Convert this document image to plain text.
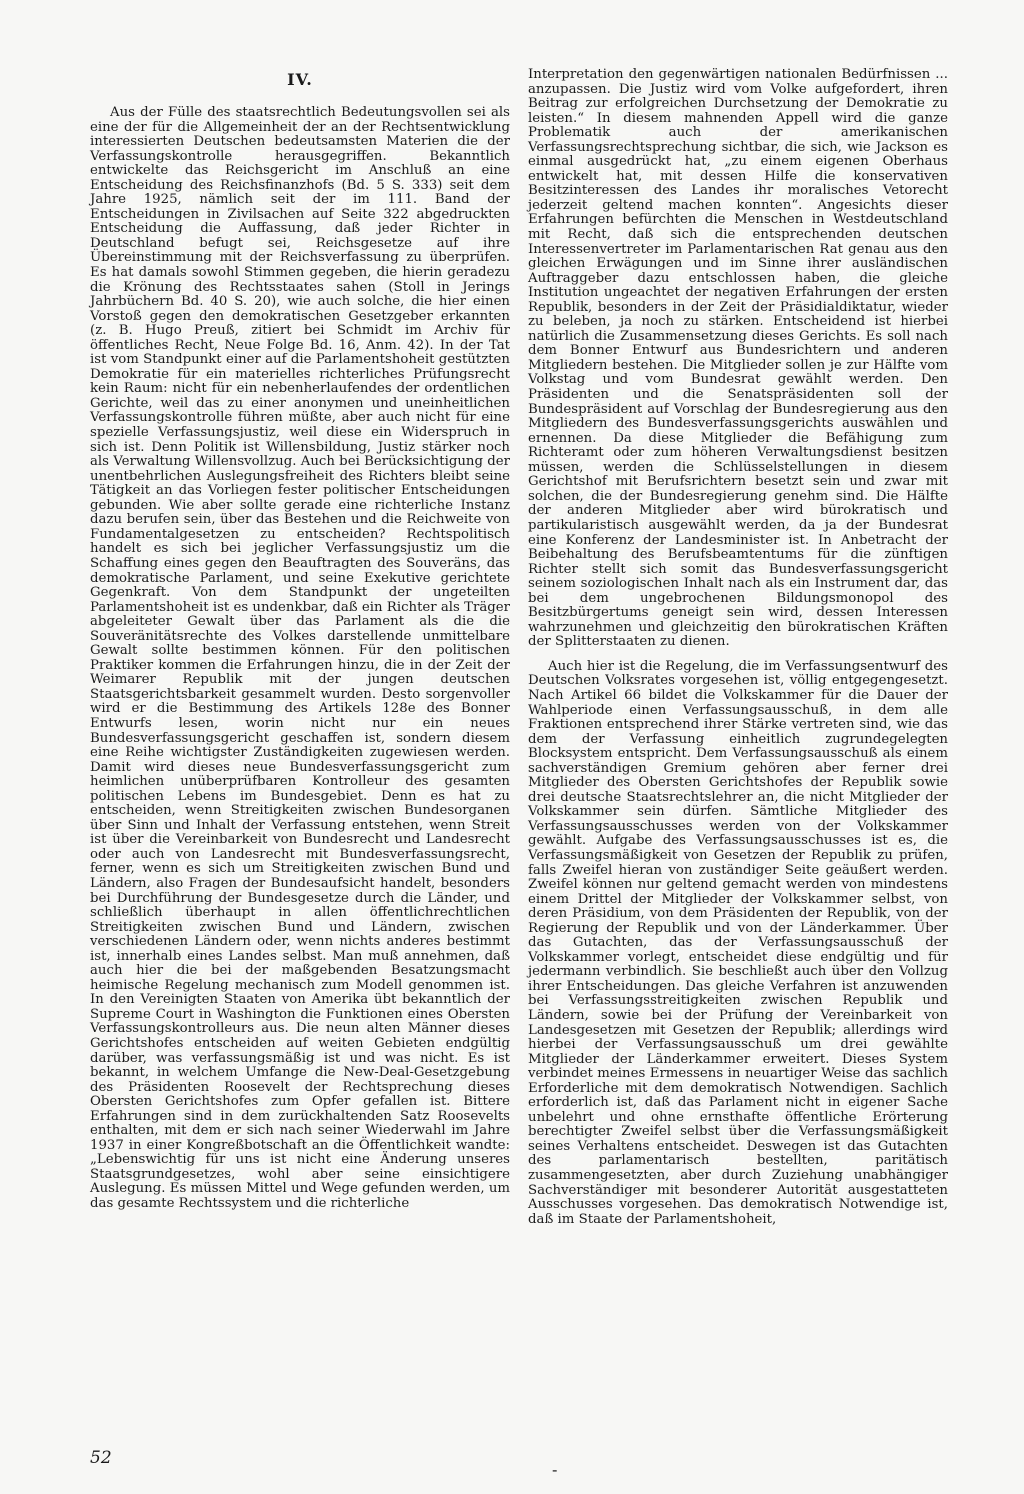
IV.

Aus der Fülle des staatsrechtlich Bedeutungsvollen sei als eine der für die Allgemeinheit der an der Rechtsentwicklung interessierten Deutschen bedeutsamsten Materien die der Verfassungskontrolle herausgegriffen. Bekanntlich entwickelte das Reichsgericht im Anschluß an eine Entscheidung des Reichsfinanzhofs (Bd. 5 S. 333) seit dem Jahre 1925, nämlich seit der im 111. Band der Entscheidungen in Zivilsachen auf Seite 322 abgedruckten Entscheidung die Auffassung, daß jeder Richter in Deutschland befugt sei, Reichsgesetze auf ihre Übereinstimmung mit der Reichsverfassung zu überprüfen. Es hat damals sowohl Stimmen gegeben, die hierin geradezu die Krönung des Rechtsstaates sahen (Stoll in Jerings Jahrbüchern Bd. 40 S. 20), wie auch solche, die hier einen Vorstoß gegen den demokratischen Gesetzgeber erkannten (z. B. Hugo Preuß, zitiert bei Schmidt im Archiv für öffentliches Recht, Neue Folge Bd. 16, Anm. 42). In der Tat ist vom Standpunkt einer auf die Parlamentshoheit gestützten Demokratie für ein materielles richterliches Prüfungsrecht kein Raum: nicht für ein nebenherlaufendes der ordentlichen Gerichte, weil das zu einer anonymen und uneinheitlichen Verfassungskontrolle führen müßte, aber auch nicht für eine spezielle Verfassungsjustiz, weil diese ein Widerspruch in sich ist. Denn Politik ist Willensbildung, Justiz stärker noch als Verwaltung Willensvollzug. Auch bei Berücksichtigung der unentbehrlichen Auslegungsfreiheit des Richters bleibt seine Tätigkeit an das Vorliegen fester politischer Entscheidungen gebunden. Wie aber sollte gerade eine richterliche Instanz dazu berufen sein, über das Bestehen und die Reichweite von Fundamentalgesetzen zu entscheiden? Rechtspolitisch handelt es sich bei jeglicher Verfassungsjustiz um die Schaffung eines gegen den Beauftragten des Souveräns, das demokratische Parlament, und seine Exekutive gerichtete Gegenkraft. Von dem Standpunkt der ungeteilten Parlamentshoheit ist es undenkbar, daß ein Richter als Träger abgeleiteter Gewalt über das Parlament als die die Souveränitätsrechte des Volkes darstellende unmittelbare Gewalt sollte bestimmen können. Für den politischen Praktiker kommen die Erfahrungen hinzu, die in der Zeit der Weimarer Republik mit der jungen deutschen Staatsgerichtsbarkeit gesammelt wurden. Desto sorgenvoller wird er die Bestimmung des Artikels 128e des Bonner Entwurfs lesen, worin nicht nur ein neues Bundesverfassungsgericht geschaffen ist, sondern diesem eine Reihe wichtigster Zuständigkeiten zugewiesen werden. Damit wird dieses neue Bundesverfassungsgericht zum heimlichen unüberprüfbaren Kontrolleur des gesamten politischen Lebens im Bundesgebiet. Denn es hat zu entscheiden, wenn Streitigkeiten zwischen Bundesorganen über Sinn und Inhalt der Verfassung entstehen, wenn Streit ist über die Vereinbarkeit von Bundesrecht und Landesrecht oder auch von Landesrecht mit Bundesverfassungsrecht, ferner, wenn es sich um Streitigkeiten zwischen Bund und Ländern, also Fragen der Bundesaufsicht handelt, besonders bei Durchführung der Bundesgesetze durch die Länder, und schließlich überhaupt in allen öffentlichrechtlichen Streitigkeiten zwischen Bund und Ländern, zwischen verschiedenen Ländern oder, wenn nichts anderes bestimmt ist, innerhalb eines Landes selbst. Man muß annehmen, daß auch hier die bei der maßgebenden Besatzungsmacht heimische Regelung mechanisch zum Modell genommen ist. In den Vereinigten Staaten von Amerika übt bekanntlich der Supreme Court in Washington die Funktionen eines Obersten Verfassungskontrolleurs aus. Die neun alten Männer dieses Gerichtshofes entscheiden auf weiten Gebieten endgültig darüber, was verfassungsmäßig ist und was nicht. Es ist bekannt, in welchem Umfange die New-Deal-Gesetzgebung des Präsidenten Roosevelt der Rechtsprechung dieses Obersten Gerichtshofes zum Opfer gefallen ist. Bittere Erfahrungen sind in dem zurückhaltenden Satz Roosevelts enthalten, mit dem er sich nach seiner Wiederwahl im Jahre 1937 in einer Kongreßbotschaft an die Öffentlichkeit wandte: „Lebenswichtig für uns ist nicht eine Änderung unseres Staatsgrundgesetzes, wohl aber seine einsichtigere Auslegung. Es müssen Mittel und Wege gefunden werden, um das gesamte Rechtssystem und die richterliche

Interpretation den gegenwärtigen nationalen Bedürfnissen ... anzupassen. Die Justiz wird vom Volke aufgefordert, ihren Beitrag zur erfolgreichen Durchsetzung der Demokratie zu leisten.“ In diesem mahnenden Appell wird die ganze Problematik auch der amerikanischen Verfassungsrechtsprechung sichtbar, die sich, wie Jackson es einmal ausgedrückt hat, „zu einem eigenen Oberhaus entwickelt hat, mit dessen Hilfe die konservativen Besitzinteressen des Landes ihr moralisches Vetorecht jederzeit geltend machen konnten“. Angesichts dieser Erfahrungen befürchten die Menschen in Westdeutschland mit Recht, daß sich die entsprechenden deutschen Interessenvertreter im Parlamentarischen Rat genau aus den gleichen Erwägungen und im Sinne ihrer ausländischen Auftraggeber dazu entschlossen haben, die gleiche Institution ungeachtet der negativen Erfahrungen der ersten Republik, besonders in der Zeit der Präsidialdiktatur, wieder zu beleben, ja noch zu stärken. Entscheidend ist hierbei natürlich die Zusammensetzung dieses Gerichts. Es soll nach dem Bonner Entwurf aus Bundesrichtern und anderen Mitgliedern bestehen. Die Mitglieder sollen je zur Hälfte vom Volkstag und vom Bundesrat gewählt werden. Den Präsidenten und die Senatspräsidenten soll der Bundespräsident auf Vorschlag der Bundesregierung aus den Mitgliedern des Bundesverfassungsgerichts auswählen und ernennen. Da diese Mitglieder die Befähigung zum Richteramt oder zum höheren Verwaltungsdienst besitzen müssen, werden die Schlüsselstellungen in diesem Gerichtshof mit Berufsrichtern besetzt sein und zwar mit solchen, die der Bundesregierung genehm sind. Die Hälfte der anderen Mitglieder aber wird bürokratisch und partikularistisch ausgewählt werden, da ja der Bundesrat eine Konferenz der Landesminister ist. In Anbetracht der Beibehaltung des Berufsbeamtentums für die zünftigen Richter stellt sich somit das Bundesverfassungsgericht seinem soziologischen Inhalt nach als ein Instrument dar, das bei dem ungebrochenen Bildungsmonopol des Besitzbürgertums geneigt sein wird, dessen Interessen wahrzunehmen und gleichzeitig den bürokratischen Kräften der Splitterstaaten zu dienen.

Auch hier ist die Regelung, die im Verfassungsentwurf des Deutschen Volksrates vorgesehen ist, völlig entgegengesetzt. Nach Artikel 66 bildet die Volkskammer für die Dauer der Wahlperiode einen Verfassungsausschuß, in dem alle Fraktionen entsprechend ihrer Stärke vertreten sind, wie das dem der Verfassung einheitlich zugrundegelegten Blocksystem entspricht. Dem Verfassungsausschuß als einem sachverständigen Gremium gehören aber ferner drei Mitglieder des Obersten Gerichtshofes der Republik sowie drei deutsche Staatsrechtslehrer an, die nicht Mitglieder der Volkskammer sein dürfen. Sämtliche Mitglieder des Verfassungsausschusses werden von der Volkskammer gewählt. Aufgabe des Verfassungsausschusses ist es, die Verfassungsmäßigkeit von Gesetzen der Republik zu prüfen, falls Zweifel hieran von zuständiger Seite geäußert werden. Zweifel können nur geltend gemacht werden von mindestens einem Drittel der Mitglieder der Volkskammer selbst, von deren Präsidium, von dem Präsidenten der Republik, von der Regierung der Republik und von der Länderkammer. Über das Gutachten, das der Verfassungsausschuß der Volkskammer vorlegt, entscheidet diese endgültig und für jedermann verbindlich. Sie beschließt auch über den Vollzug ihrer Entscheidungen. Das gleiche Verfahren ist anzuwenden bei Verfassungsstreitigkeiten zwischen Republik und Ländern, sowie bei der Prüfung der Vereinbarkeit von Landesgesetzen mit Gesetzen der Republik; allerdings wird hierbei der Verfassungsausschuß um drei gewählte Mitglieder der Länderkammer erweitert. Dieses System verbindet meines Ermessens in neuartiger Weise das sachlich Erforderliche mit dem demokratisch Notwendigen. Sachlich erforderlich ist, daß das Parlament nicht in eigener Sache unbelehrt und ohne ernsthafte öffentliche Erörterung berechtigter Zweifel selbst über die Verfassungsmäßigkeit seines Verhaltens entscheidet. Deswegen ist das Gutachten des parlamentarisch bestellten, paritätisch zusammengesetzten, aber durch Zuziehung unabhängiger Sachverständiger mit besonderer Autorität ausgestatteten Ausschusses vorgesehen. Das demokratisch Notwendige ist, daß im Staate der Parlamentshoheit,

52
-
